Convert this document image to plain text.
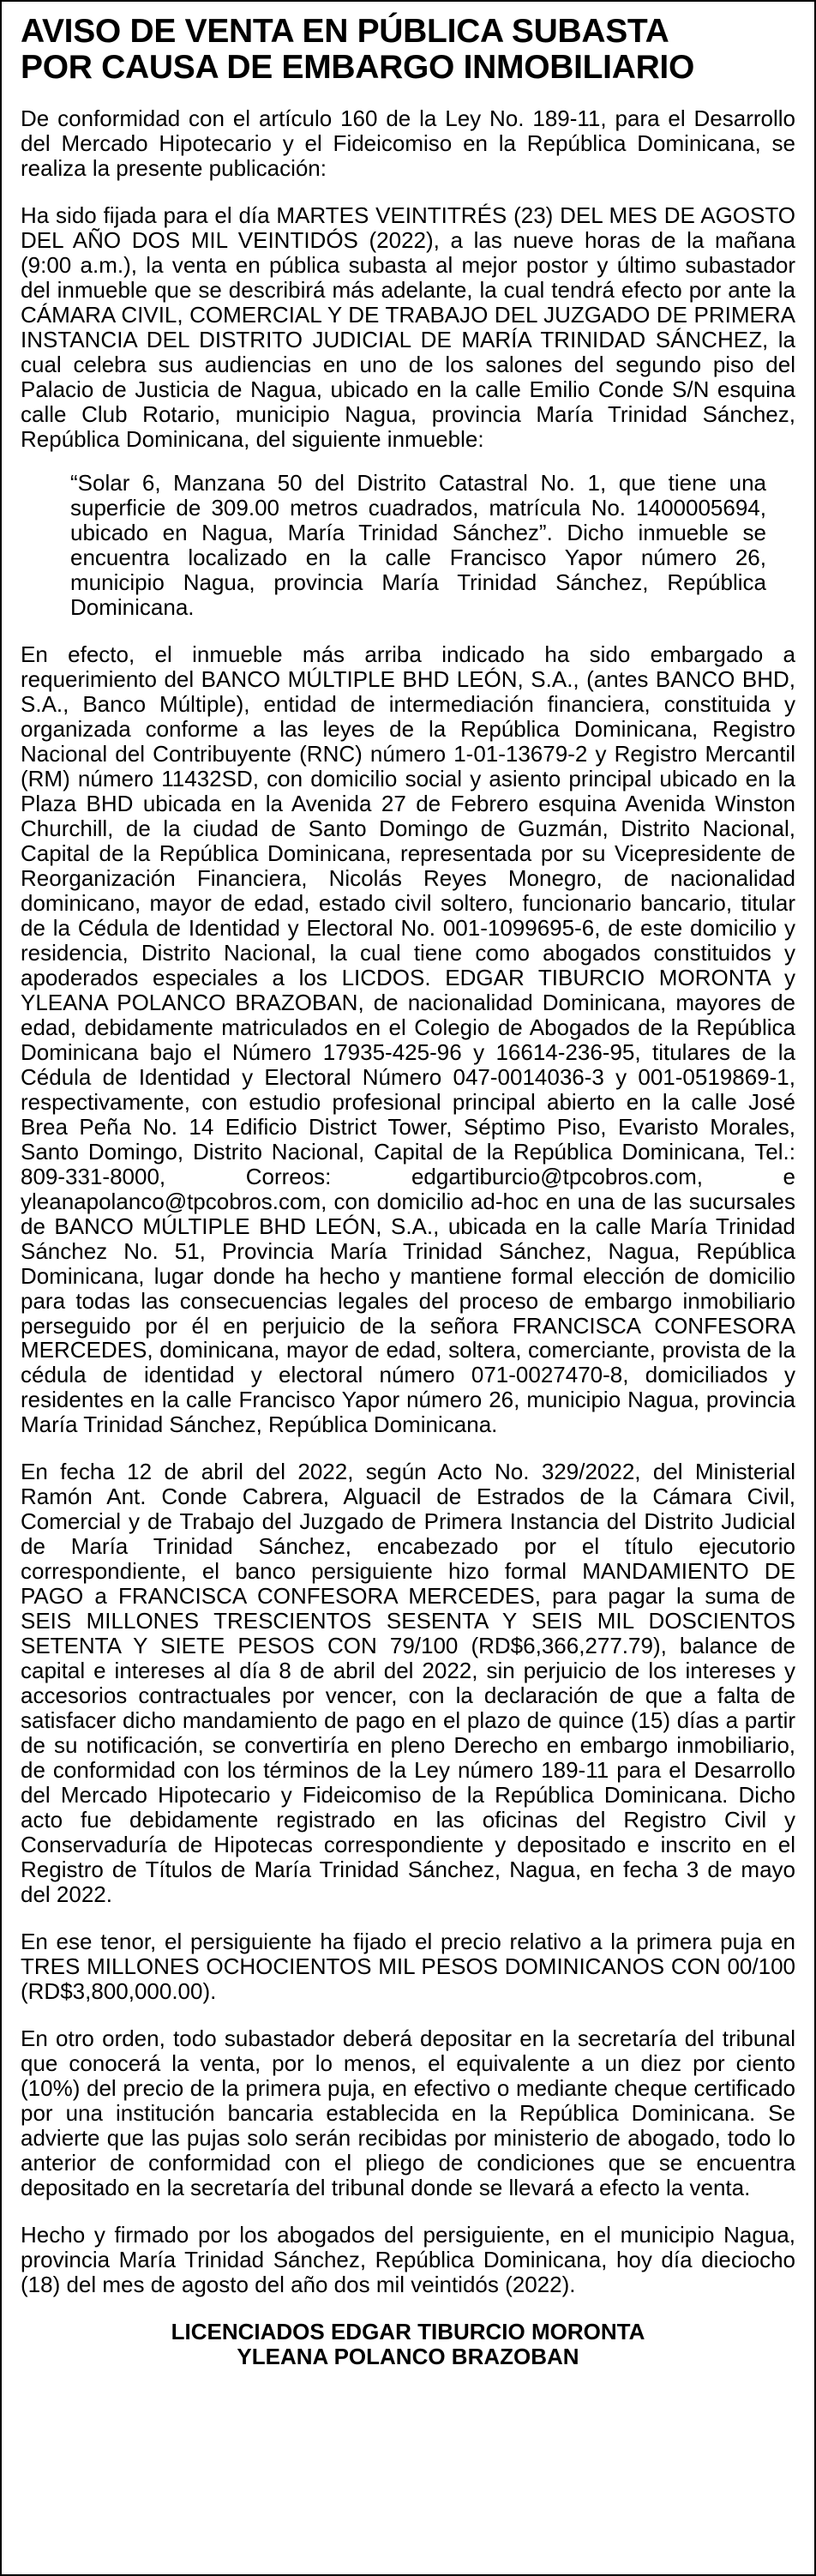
AVISO DE VENTA EN PÚBLICA SUBASTA
POR CAUSA DE EMBARGO INMOBILIARIO

De conformidad con el artículo 160 de la Ley No. 189-11, para el Desarrollo del Mercado Hipotecario y el Fideicomiso en la República Dominicana, se realiza la presente publicación:

Ha sido fijada para el día MARTES VEINTITRÉS (23) DEL MES DE AGOSTO DEL AÑO DOS MIL VEINTIDÓS (2022), a las nueve horas de la mañana (9:00 a.m.), la venta en pública subasta al mejor postor y último subastador del inmueble que se describirá más adelante, la cual tendrá efecto por ante la CÁMARA CIVIL, COMERCIAL Y DE TRABAJO DEL JUZGADO DE PRIMERA INSTANCIA DEL DISTRITO JUDICIAL DE MARÍA TRINIDAD SÁNCHEZ, la cual celebra sus audiencias en uno de los salones del segundo piso del Palacio de Justicia de Nagua, ubicado en la calle Emilio Conde S/N esquina calle Club Rotario, municipio Nagua, provincia María Trinidad Sánchez, República Dominicana, del siguiente inmueble:

“Solar 6, Manzana 50 del Distrito Catastral No. 1, que tiene una superficie de 309.00 metros cuadrados, matrícula No. 1400005694, ubicado en Nagua, María Trinidad Sánchez”. Dicho inmueble se encuentra localizado en la calle Francisco Yapor número 26, municipio Nagua, provincia María Trinidad Sánchez, República Dominicana.

En efecto, el inmueble más arriba indicado ha sido embargado a requerimiento del BANCO MÚLTIPLE BHD LEÓN, S.A., (antes BANCO BHD, S.A., Banco Múltiple), entidad de intermediación financiera, constituida y organizada conforme a las leyes de la República Dominicana, Registro Nacional del Contribuyente (RNC) número 1-01-13679-2 y Registro Mercantil (RM) número 11432SD, con domicilio social y asiento principal ubicado en la Plaza BHD ubicada en la Avenida 27 de Febrero esquina Avenida Winston Churchill, de la ciudad de Santo Domingo de Guzmán, Distrito Nacional, Capital de la República Dominicana, representada por su Vicepresidente de Reorganización Financiera, Nicolás Reyes Monegro, de nacionalidad dominicano, mayor de edad, estado civil soltero, funcionario bancario, titular de la Cédula de Identidad y Electoral No. 001-1099695-6, de este domicilio y residencia, Distrito Nacional, la cual tiene como abogados constituidos y apoderados especiales a los LICDOS. EDGAR TIBURCIO MORONTA y YLEANA POLANCO BRAZOBAN, de nacionalidad Dominicana, mayores de edad, debidamente matriculados en el Colegio de Abogados de la República Dominicana bajo el Número 17935-425-96 y 16614-236-95, titulares de la Cédula de Identidad y Electoral Número 047-0014036-3 y 001-0519869-1, respectivamente, con estudio profesional principal abierto en la calle José Brea Peña No. 14 Edificio District Tower, Séptimo Piso, Evaristo Morales, Santo Domingo, Distrito Nacional, Capital de la República Dominicana, Tel.: 809-331-8000, Correos: edgartiburcio@tpcobros.com, e yleanapolanco@tpcobros.com, con domicilio ad-hoc en una de las sucursales de BANCO MÚLTIPLE BHD LEÓN, S.A., ubicada en la calle María Trinidad Sánchez No. 51, Provincia María Trinidad Sánchez, Nagua, República Dominicana, lugar donde ha hecho y mantiene formal elección de domicilio para todas las consecuencias legales del proceso de embargo inmobiliario perseguido por él en perjuicio de la señora FRANCISCA CONFESORA MERCEDES, dominicana, mayor de edad, soltera, comerciante, provista de la cédula de identidad y electoral número 071-0027470-8, domiciliados y residentes en la calle Francisco Yapor número 26, municipio Nagua, provincia María Trinidad Sánchez, República Dominicana.

En fecha 12 de abril del 2022, según Acto No. 329/2022, del Ministerial Ramón Ant. Conde Cabrera, Alguacil de Estrados de la Cámara Civil, Comercial y de Trabajo del Juzgado de Primera Instancia del Distrito Judicial de María Trinidad Sánchez, encabezado por el título ejecutorio correspondiente, el banco persiguiente hizo formal MANDAMIENTO DE PAGO a FRANCISCA CONFESORA MERCEDES, para pagar la suma de SEIS MILLONES TRESCIENTOS SESENTA Y SEIS MIL DOSCIENTOS SETENTA Y SIETE PESOS CON 79/100 (RD$6,366,277.79), balance de capital e intereses al día 8 de abril del 2022, sin perjuicio de los intereses y accesorios contractuales por vencer, con la declaración de que a falta de satisfacer dicho mandamiento de pago en el plazo de quince (15) días a partir de su notificación, se convertiría en pleno Derecho en embargo inmobiliario, de conformidad con los términos de la Ley número 189-11 para el Desarrollo del Mercado Hipotecario y Fideicomiso de la República Dominicana. Dicho acto fue debidamente registrado en las oficinas del Registro Civil y Conservaduría de Hipotecas correspondiente y depositado e inscrito en el Registro de Títulos de María Trinidad Sánchez, Nagua, en fecha 3 de mayo del 2022.

En ese tenor, el persiguiente ha fijado el precio relativo a la primera puja en TRES MILLONES OCHOCIENTOS MIL PESOS DOMINICANOS CON 00/100 (RD$3,800,000.00).

En otro orden, todo subastador deberá depositar en la secretaría del tribunal que conocerá la venta, por lo menos, el equivalente a un diez por ciento (10%) del precio de la primera puja, en efectivo o mediante cheque certificado por una institución bancaria establecida en la República Dominicana. Se advierte que las pujas solo serán recibidas por ministerio de abogado, todo lo anterior de conformidad con el pliego de condiciones que se encuentra depositado en la secretaría del tribunal donde se llevará a efecto la venta.

Hecho y firmado por los abogados del persiguiente, en el municipio Nagua, provincia María Trinidad Sánchez, República Dominicana, hoy día dieciocho (18) del mes de agosto del año dos mil veintidós (2022).

LICENCIADOS EDGAR TIBURCIO MORONTA
YLEANA POLANCO BRAZOBAN
